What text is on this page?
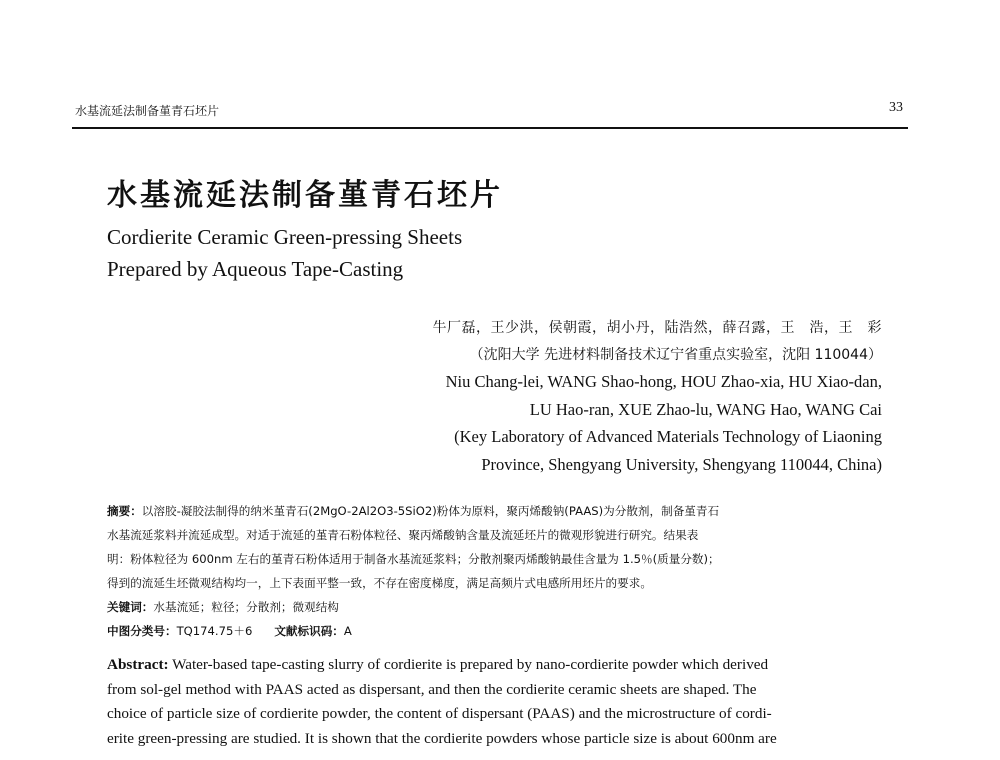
水基流延法制备堇青石坯片	33
水基流延法制备堇青石坯片
Cordierite Ceramic Green-pressing Sheets
Prepared by Aqueous Tape-Casting
牛厂磊，王少洪，侯朝霞，胡小丹，陆浩然，薛召露，王　浩，王　彩
（沈阳大学 先进材料制备技术辽宁省重点实验室，沈阳 110044）
Niu Chang-lei, WANG Shao-hong, HOU Zhao-xia, HU Xiao-dan,
LU Hao-ran, XUE Zhao-lu, WANG Hao, WANG Cai
(Key Laboratory of Advanced Materials Technology of Liaoning
Province, Shengyang University, Shengyang 110044, China)
摘要：以溶胶-凝胶法制得的纳米堇青石(2MgO-2Al2O3-5SiO2)粉体为原料，聚丙烯酸钠(PAAS)为分散剂，制备堇青石
水基流延浆料并流延成型。对适于流延的堇青石粉体粒径、聚丙烯酸钠含量及流延坯片的微观形貌进行研究。结果表
明：粉体粒径为 600nm 左右的堇青石粉体适用于制备水基流延浆料；分散剂聚丙烯酸钠最佳含量为 1.5％(质量分数)；
得到的流延生坯微观结构均一，上下表面平整一致，不存在密度梯度，满足高频片式电感所用坯片的要求。
关键词：水基流延；粒径；分散剂；微观结构
中图分类号：TQ174.75＋6 文献标识码：A
Abstract: Water-based tape-casting slurry of cordierite is prepared by nano-cordierite powder which derived
from sol-gel method with PAAS acted as dispersant, and then the cordierite ceramic sheets are shaped. The
choice of particle size of cordierite powder, the content of dispersant (PAAS) and the microstructure of cordi-
erite green-pressing are studied. It is shown that the cordierite powders whose particle size is about 600nm are
